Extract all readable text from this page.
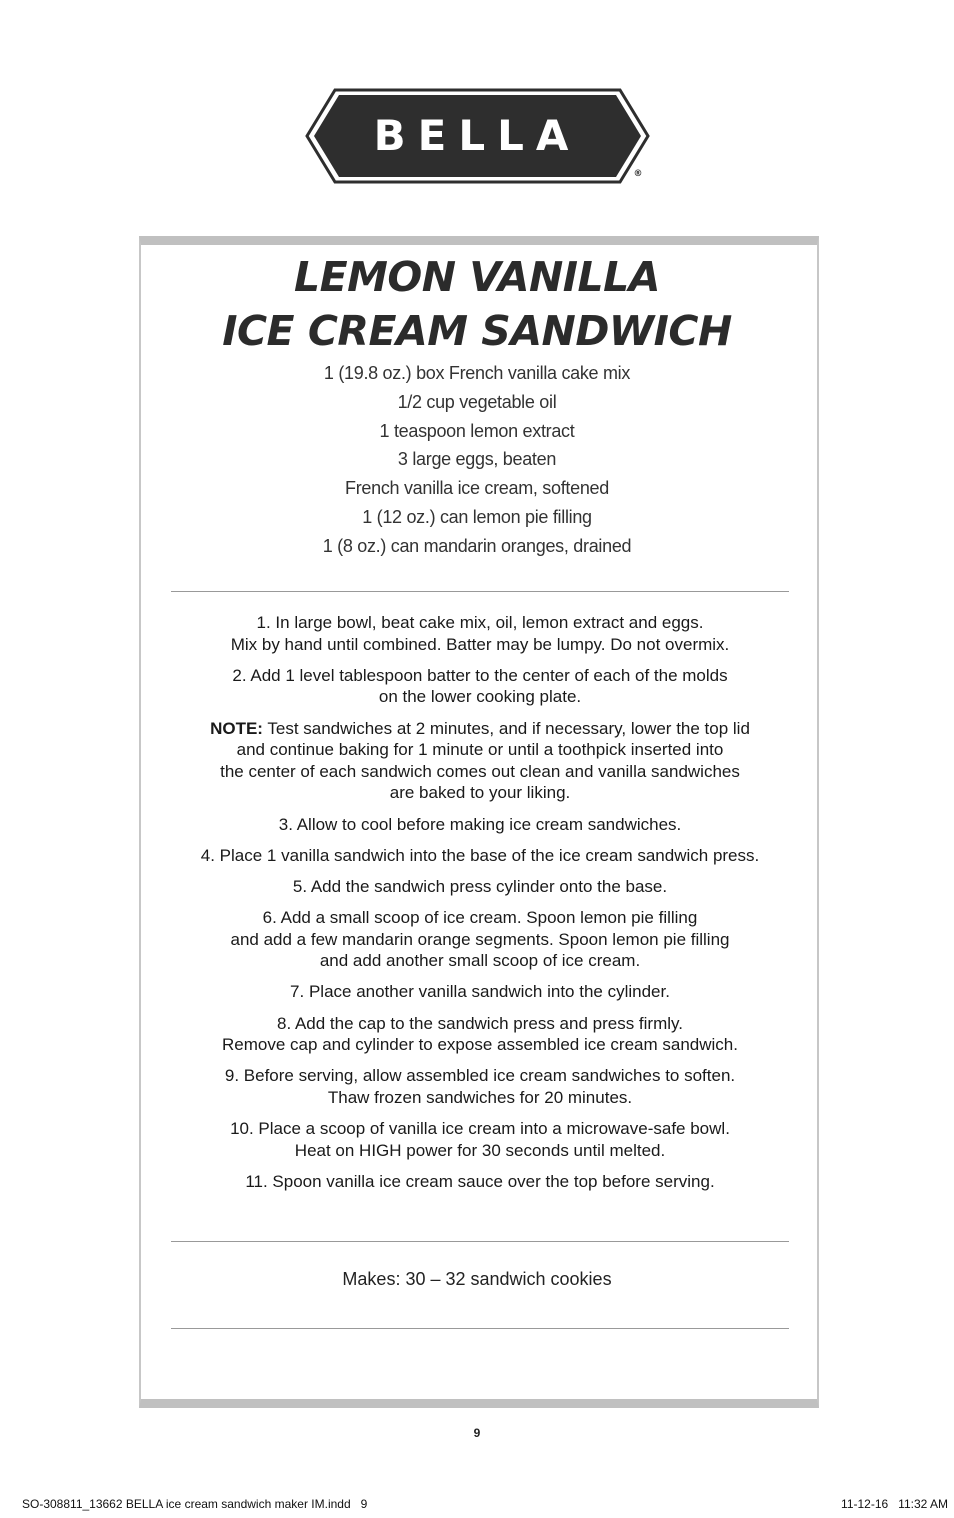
BELLA
®
LEMON VANILLA
ICE CREAM SANDWICH
1 (19.8 oz.) box French vanilla cake mix
1/2 cup vegetable oil
1 teaspoon lemon extract
3 large eggs, beaten
French vanilla ice cream, softened
1 (12 oz.) can lemon pie filling
1 (8 oz.) can mandarin oranges, drained

1. In large bowl, beat cake mix, oil, lemon extract and eggs.
Mix by hand until combined. Batter may be lumpy. Do not overmix.

2. Add 1 level tablespoon batter to the center of each of the molds
on the lower cooking plate.

NOTE: Test sandwiches at 2 minutes, and if necessary, lower the top lid
and continue baking for 1 minute or until a toothpick inserted into
the center of each sandwich comes out clean and vanilla sandwiches
are baked to your liking.

3. Allow to cool before making ice cream sandwiches.

4. Place 1 vanilla sandwich into the base of the ice cream sandwich press.

5. Add the sandwich press cylinder onto the base.

6. Add a small scoop of ice cream. Spoon lemon pie filling
and add a few mandarin orange segments. Spoon lemon pie filling
and add another small scoop of ice cream.

7. Place another vanilla sandwich into the cylinder.

8. Add the cap to the sandwich press and press firmly.
Remove cap and cylinder to expose assembled ice cream sandwich.

9. Before serving, allow assembled ice cream sandwiches to soften.
Thaw frozen sandwiches for 20 minutes.

10. Place a scoop of vanilla ice cream into a microwave-safe bowl.
Heat on HIGH power for 30 seconds until melted.

11. Spoon vanilla ice cream sauce over the top before serving.

Makes: 30 – 32 sandwich cookies
9
SO-308811_13662 BELLA ice cream sandwich maker IM.indd   9	11-12-16   11:32 AM
